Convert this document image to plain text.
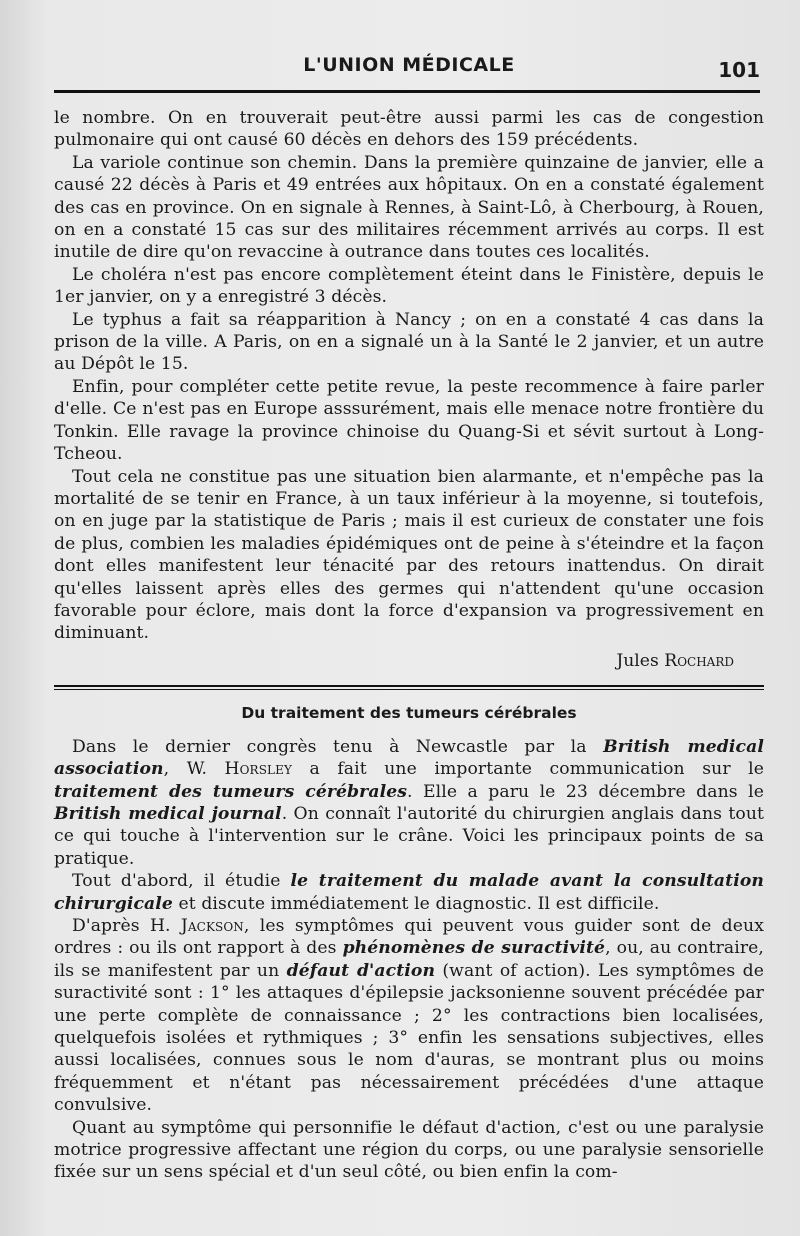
L'UNION MÉDICALE	101

le nombre. On en trouverait peut-être aussi parmi les cas de congestion pulmonaire qui ont causé 60 décès en dehors des 159 précédents.

La variole continue son chemin. Dans la première quinzaine de janvier, elle a causé 22 décès à Paris et 49 entrées aux hôpitaux. On en a constaté également des cas en province. On en signale à Rennes, à Saint-Lô, à Cherbourg, à Rouen, on en a constaté 15 cas sur des militaires récemment arrivés au corps. Il est inutile de dire qu'on revaccine à outrance dans toutes ces localités.

Le choléra n'est pas encore complètement éteint dans le Finistère, depuis le 1er janvier, on y a enregistré 3 décès.

Le typhus a fait sa réapparition à Nancy ; on en a constaté 4 cas dans la prison de la ville. A Paris, on en a signalé un à la Santé le 2 janvier, et un autre au Dépôt le 15.

Enfin, pour compléter cette petite revue, la peste recommence à faire parler d'elle. Ce n'est pas en Europe asssurément, mais elle menace notre frontière du Tonkin. Elle ravage la province chinoise du Quang-Si et sévit surtout à Long-Tcheou.

Tout cela ne constitue pas une situation bien alarmante, et n'empêche pas la mortalité de se tenir en France, à un taux inférieur à la moyenne, si toutefois, on en juge par la statistique de Paris ; mais il est curieux de constater une fois de plus, combien les maladies épidémiques ont de peine à s'éteindre et la façon dont elles manifestent leur ténacité par des retours inattendus. On dirait qu'elles laissent après elles des germes qui n'attendent qu'une occasion favorable pour éclore, mais dont la force d'expansion va progressivement en diminuant.

Jules Rochard
Du traitement des tumeurs cérébrales

Dans le dernier congrès tenu à Newcastle par la British medical association, W. Horsley a fait une importante communication sur le traitement des tumeurs cérébrales. Elle a paru le 23 décembre dans le British medical journal. On connaît l'autorité du chirurgien anglais dans tout ce qui touche à l'intervention sur le crâne. Voici les principaux points de sa pratique.

Tout d'abord, il étudie le traitement du malade avant la consultation chirurgicale et discute immédiatement le diagnostic. Il est difficile.

D'après H. Jackson, les symptômes qui peuvent vous guider sont de deux ordres : ou ils ont rapport à des phénomènes de suractivité, ou, au contraire, ils se manifestent par un défaut d'action (want of action). Les symptômes de suractivité sont : 1° les attaques d'épilepsie jacksonienne souvent précédée par une perte complète de connaissance ; 2° les contractions bien localisées, quelquefois isolées et rythmiques ; 3° enfin les sensations subjectives, elles aussi localisées, connues sous le nom d'auras, se montrant plus ou moins fréquemment et n'étant pas nécessairement précédées d'une attaque convulsive.

Quant au symptôme qui personnifie le défaut d'action, c'est ou une paralysie motrice progressive affectant une région du corps, ou une paralysie sensorielle fixée sur un sens spécial et d'un seul côté, ou bien enfin la com-
